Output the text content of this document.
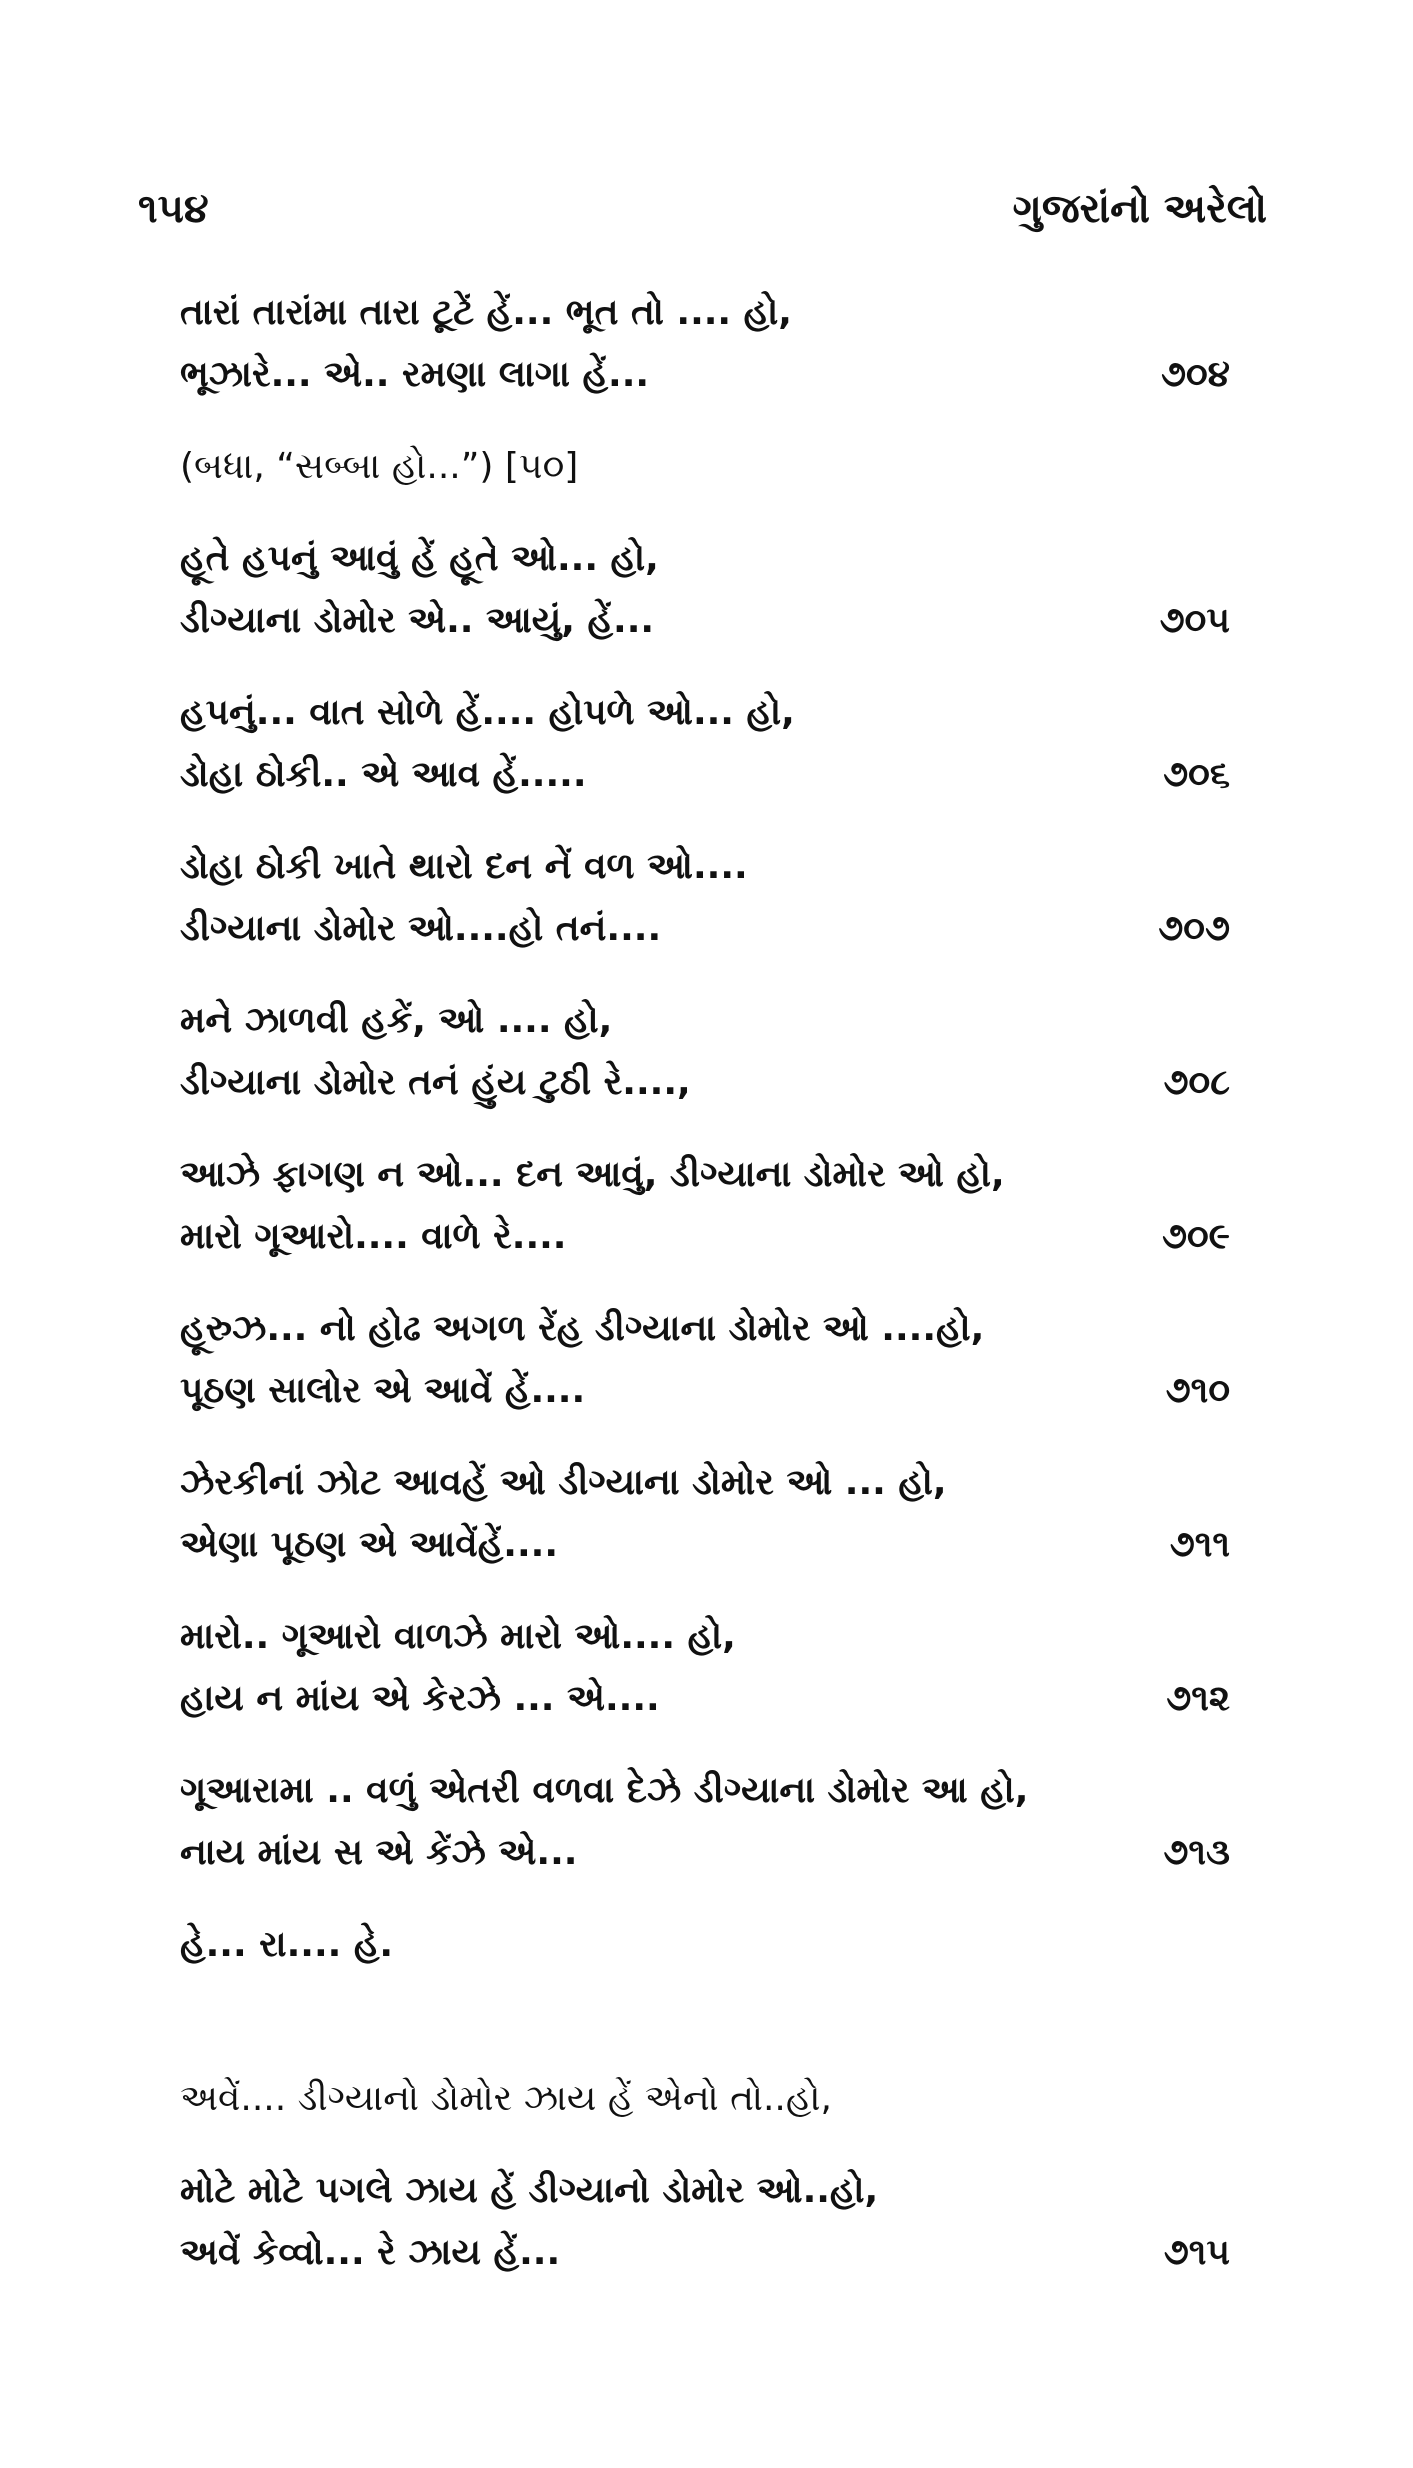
૧૫૪	ગુજરાંનો અરેલો
તારાં તારાંમા તારા ટૂટેં હેં... ભૂત તો .... હો,
ભૂઝારે... એ.. રમણા લાગા હેં...	૭૦૪
(બધા, “સબ્બા હો...”) [૫૦]
હૂતે હપનું આવું હેં હૂતે ઓ... હો,
ડીગ્યાના ડોમોર એ.. આયું, હેં...	૭૦૫
હપનું... વાત સોળે હેં.... હોપળે ઓ... હો,
ડોહા ઠોકી.. એ આવ હેં.....	૭૦૬
ડોહા ઠોકી ખાતે થારો દન નેં વળ ઓ....
ડીગ્યાના ડોમોર ઓ....હો તનં....	૭૦૭
મને ઝાળવી હકેં, ઓ .... હો,
ડીગ્યાના ડોમોર તનં હુંય ટુઠી રે....,	૭૦૮
આઝે ફાગણ ન ઓ... દન આવું, ડીગ્યાના ડોમોર ઓ હો,
મારો ગૂઆરો.... વાળે રે....	૭૦૯
હૂરુઝ... નો હોઢ અગળ રેંહ ડીગ્યાના ડોમોર ઓ ....હો,
પૂઠણ સાલોર એ આવેં હેં....	૭૧૦
ઝેરકીનાં ઝોટ આવહેં ઓ ડીગ્યાના ડોમોર ઓ ... હો,
એણા પૂઠણ એ આવેંહેં....	૭૧૧
મારો.. ગૂઆરો વાળઝે મારો ઓ.... હો,
હાય ન માંય એ કેરઝે ... એ....	૭૧૨
ગૂઆરામા .. વળું એતરી વળવા દેઝે ડીગ્યાના ડોમોર આ હો,
નાય માંય સ એ કેંઝે એ...	૭૧૩
હે... રા.... હે.
અવેં.... ડીગ્યાનો ડોમોર ઝાય હેં એનો તો..હો,
મોટે મોટે પગલે ઝાય હેં ડીગ્યાનો ડોમોર ઓ..હો,
અવેં કેવ્વો... રે ઝાય હેં...	૭૧૫
